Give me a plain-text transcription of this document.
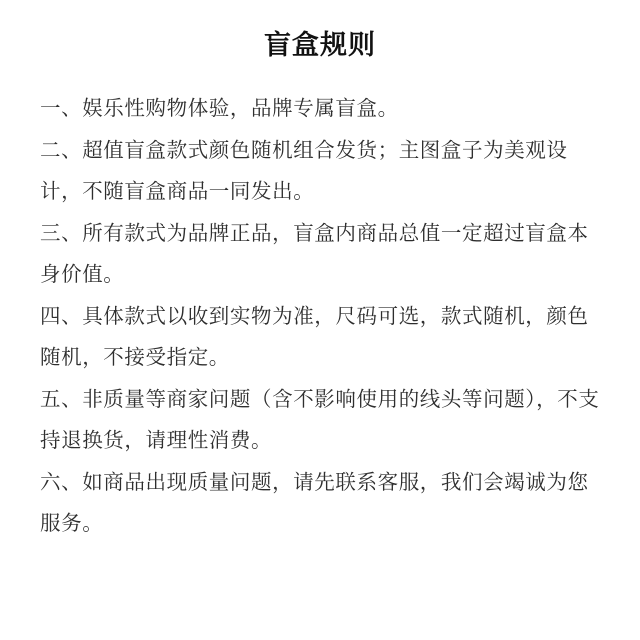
盲盒规则
一、娱乐性购物体验，品牌专属盲盒。
二、超值盲盒款式颜色随机组合发货；主图盒子为美观设计，不随盲盒商品一同发出。
三、所有款式为品牌正品，盲盒内商品总值一定超过盲盒本身价值。
四、具体款式以收到实物为准，尺码可选，款式随机，颜色随机，不接受指定。
五、非质量等商家问题（含不影响使用的线头等问题），不支持退换货，请理性消费。
六、如商品出现质量问题，请先联系客服，我们会竭诚为您服务。
